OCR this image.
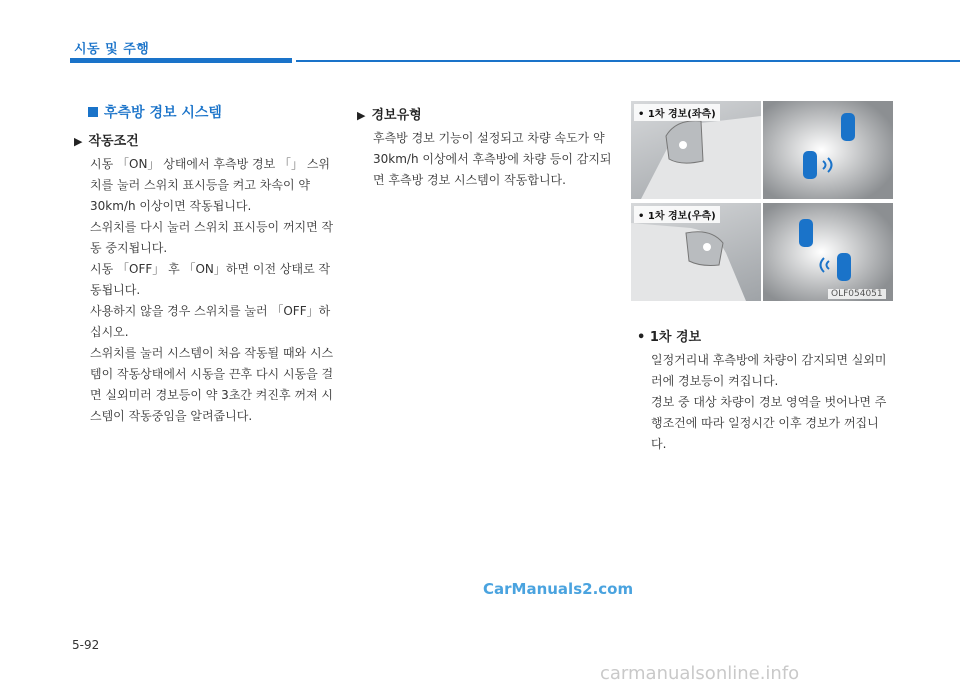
시동 및 주행
후측방 경보 시스템
▶ 작동조건

시동 「ON」 상태에서 후측방 경보 「」 스위치를 눌러 스위치 표시등을 켜고 차속이 약 30km/h 이상이면 작동됩니다.

스위치를 다시 눌러 스위치 표시등이 꺼지면 작동 중지됩니다.

시동 「OFF」 후 「ON」하면 이전 상태로 작동됩니다.

사용하지 않을 경우 스위치를 눌러 「OFF」하십시오.

스위치를 눌러 시스템이 처음 작동될 때와 시스템이 작동상태에서 시동을 끈후 다시 시동을 걸면 실외미러 경보등이 약 3초간 켜진후 꺼져 시스템이 작동중임을 알려줍니다.

▶ 경보유형

후측방 경보 기능이 설정되고 차량 속도가 약 30km/h 이상에서 후측방에 차량 등이 감지되면 후측방 경보 시스템이 작동합니다.

• 1차 경보(좌측)
• 1차 경보(우측)
OLF054051
• 1차 경보

일정거리내 후측방에 차량이 감지되면 실외미러에 경보등이 켜집니다.

경보 중 대상 차량이 경보 영역을 벗어나면 주행조건에 따라 일정시간 이후 경보가 꺼집니다.

CarManuals2.com
5-92
carmanualsonline.info
